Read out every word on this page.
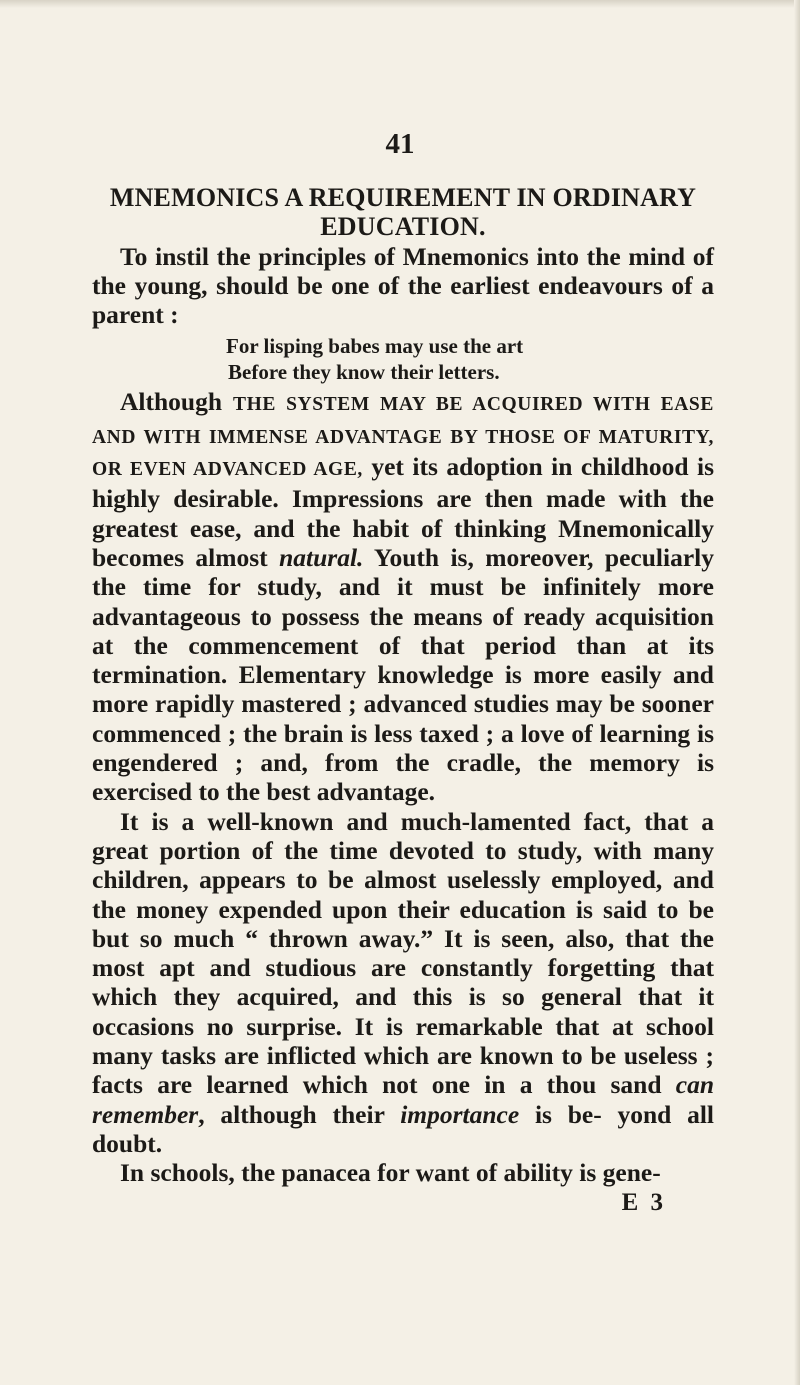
41

MNEMONICS A REQUIREMENT IN ORDINARY
EDUCATION.

To instil the principles of Mnemonics into the mind of the young, should be one of the earliest endeavours of a parent :

For lisping babes may use the art
Before they know their letters.

Although THE SYSTEM MAY BE ACQUIRED WITH EASE AND WITH IMMENSE ADVANTAGE BY THOSE OF MATURITY, OR EVEN ADVANCED AGE, yet its adoption in childhood is highly desirable. Impressions are then made with the greatest ease, and the habit of thinking Mnemonically becomes almost natural. Youth is, moreover, peculiarly the time for study, and it must be infinitely more advantageous to possess the means of ready acquisition at the commencement of that period than at its termination. Elementary knowledge is more easily and more rapidly mastered ; advanced studies may be sooner commenced ; the brain is less taxed ; a love of learning is engendered ; and, from the cradle, the memory is exercised to the best advantage.

It is a well-known and much-lamented fact, that a great portion of the time devoted to study, with many children, appears to be almost uselessly employed, and the money expended upon their education is said to be but so much “ thrown away.” It is seen, also, that the most apt and studious are constantly forgetting that which they acquired, and this is so general that it occasions no surprise. It is remarkable that at school many tasks are inflicted which are known to be useless ; facts are learned which not one in a thou sand can remember, although their importance is be- yond all doubt.

In schools, the panacea for want of ability is gene-

E 3
